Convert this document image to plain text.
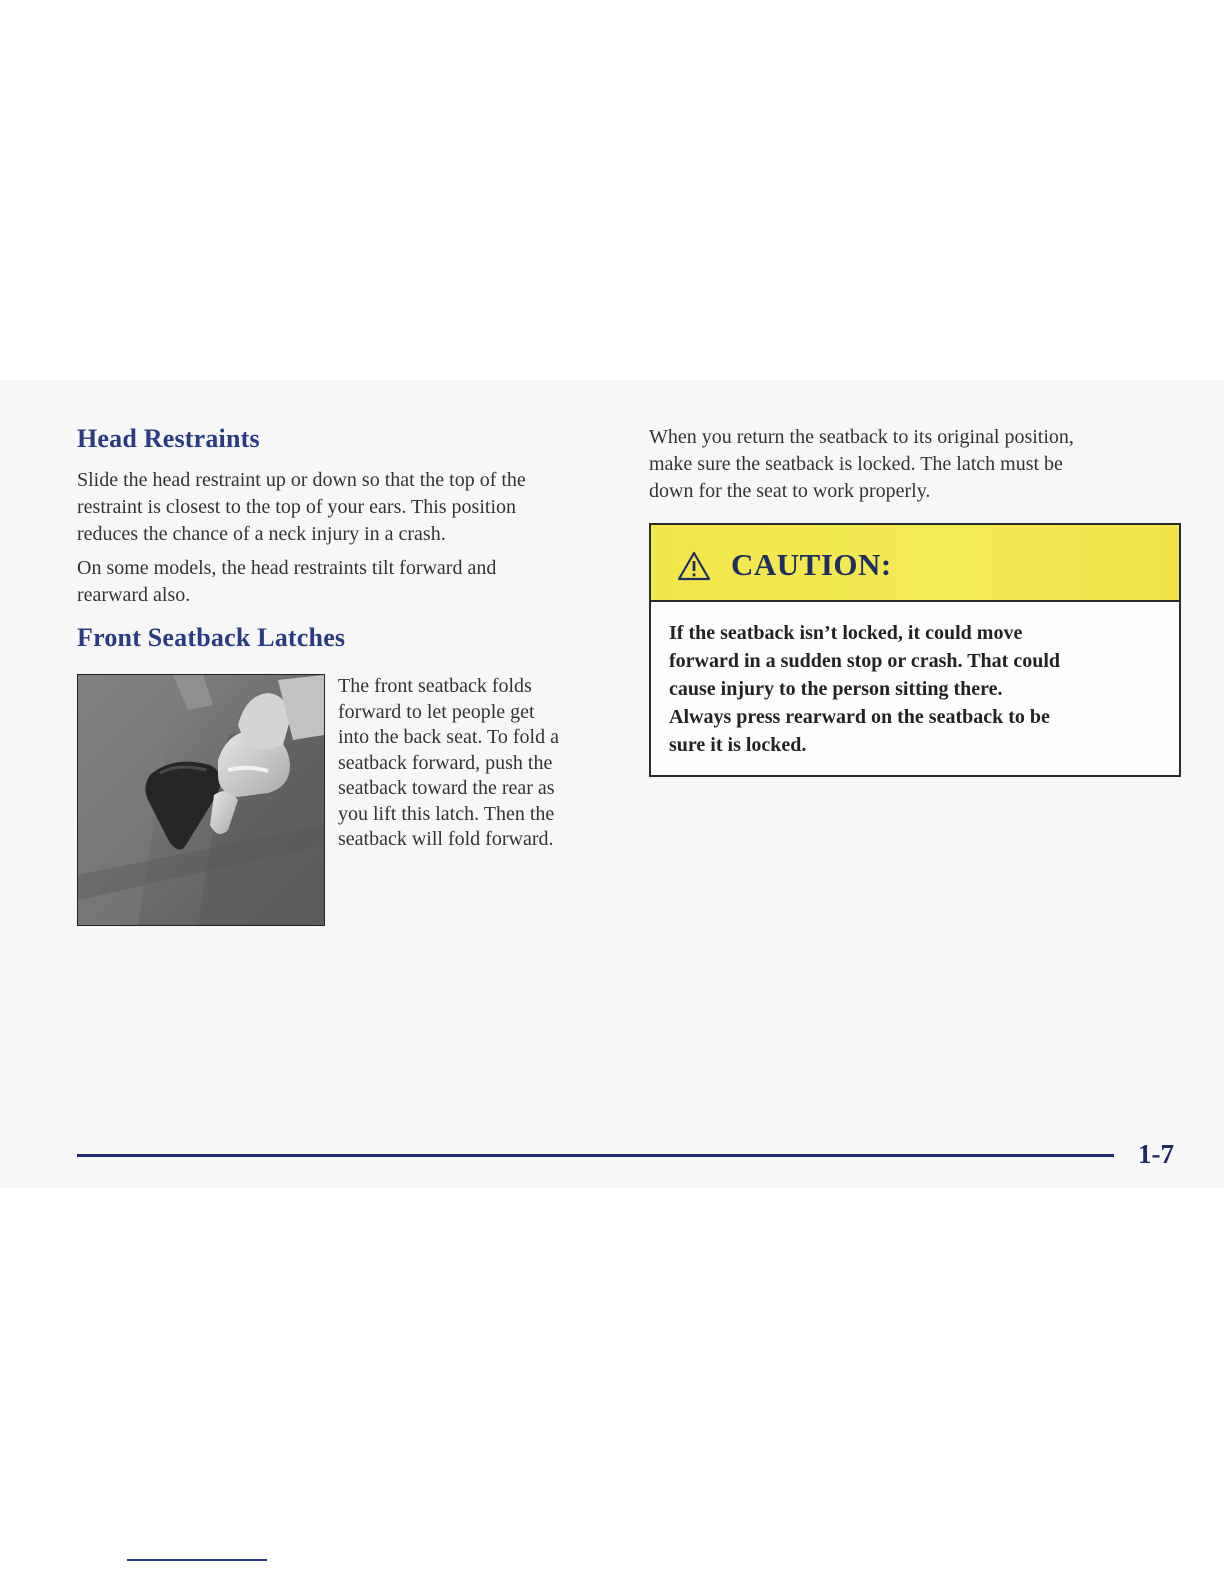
Head Restraints

Slide the head restraint up or down so that the top of the
restraint is closest to the top of your ears. This position
reduces the chance of a neck injury in a crash.

On some models, the head restraints tilt forward and
rearward also.

Front Seatback Latches

The front seatback folds
forward to let people get
into the back seat. To fold a
seatback forward, push the
seatback toward the rear as
you lift this latch. Then the
seatback will fold forward.

When you return the seatback to its original position,
make sure the seatback is locked. The latch must be
down for the seat to work properly.

CAUTION:

If the seatback isn’t locked, it could move
forward in a sudden stop or crash. That could
cause injury to the person sitting there.
Always press rearward on the seatback to be
sure it is locked.

1-7
